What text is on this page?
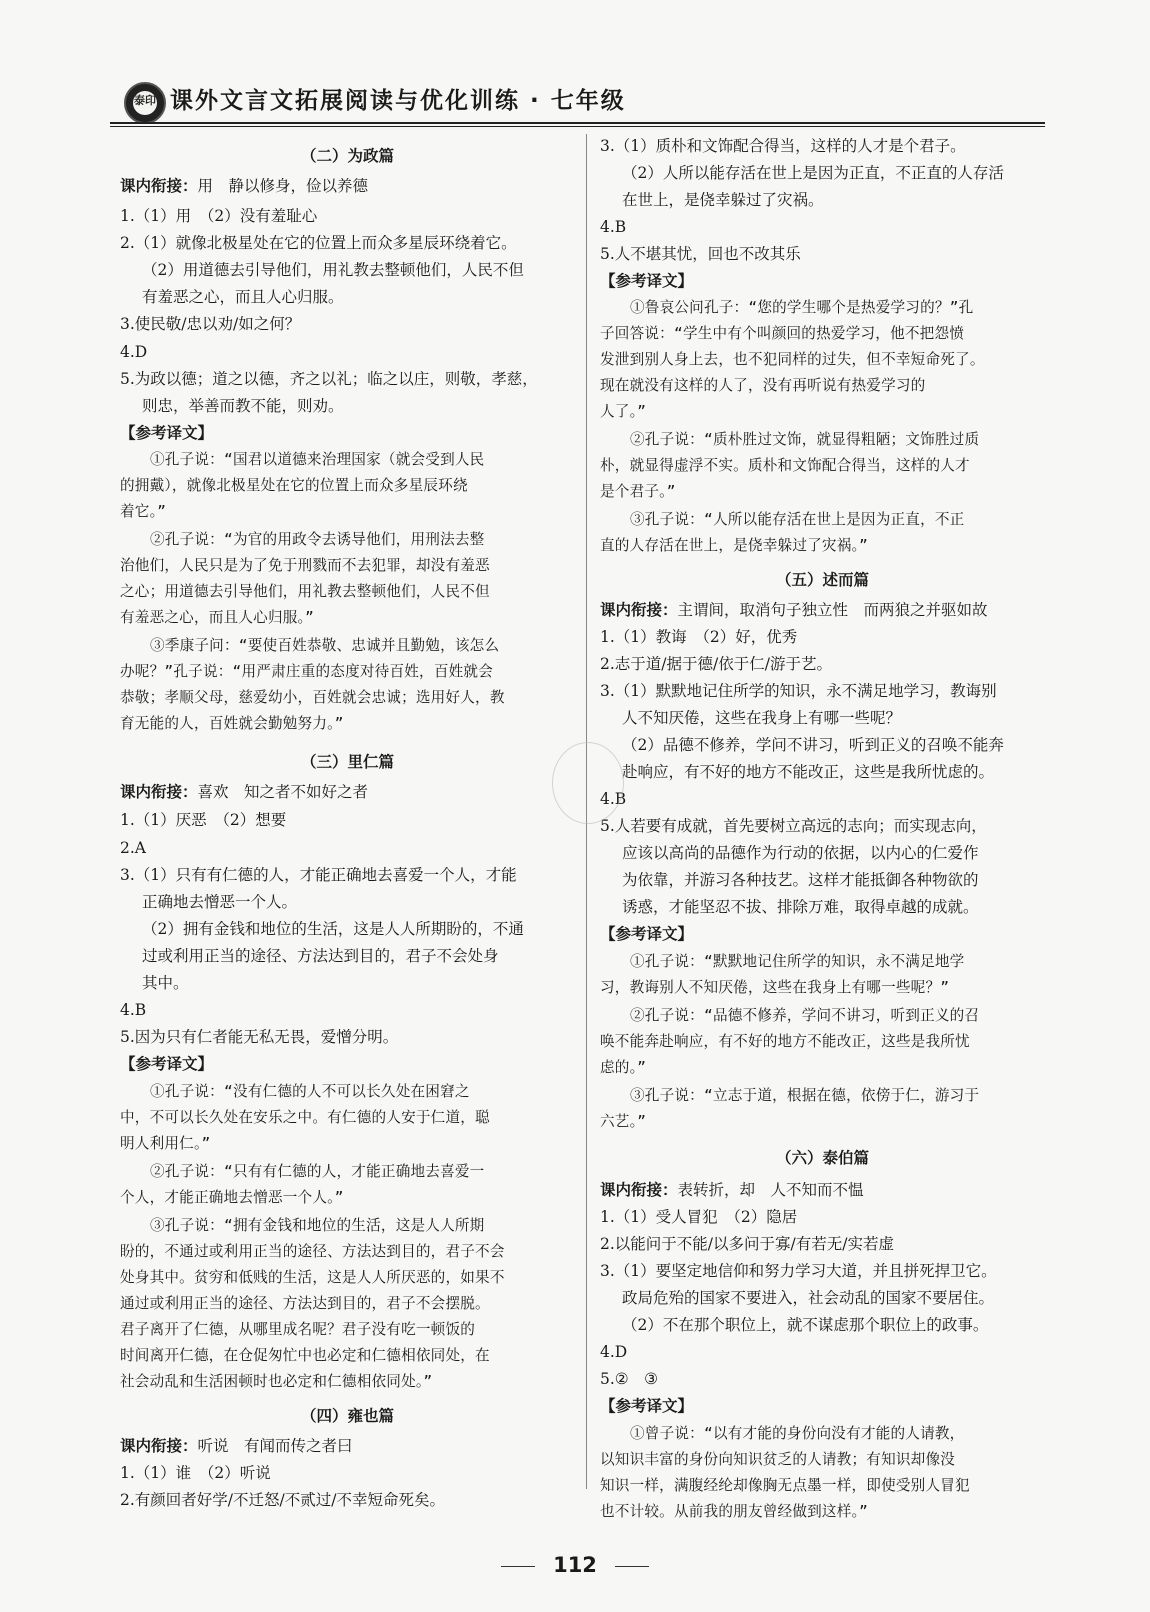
泰印 课外文言文拓展阅读与优化训练 · 七年级
（二）为政篇
课内衔接：用　静以修身，俭以养德
1.（1）用　（2）没有羞耻心
2.（1）就像北极星处在它的位置上而众多星辰环绕着它。
（2）用道德去引导他们，用礼教去整顿他们，人民不但
有羞恶之心，而且人心归服。
3.使民敬/忠以劝/如之何？
4.D
5.为政以德；道之以德，齐之以礼；临之以庄，则敬，孝慈，
则忠，举善而教不能，则劝。
【参考译文】
①孔子说：“国君以道德来治理国家（就会受到人民
的拥戴），就像北极星处在它的位置上而众多星辰环绕
着它。”
②孔子说：“为官的用政令去诱导他们，用刑法去整
治他们，人民只是为了免于刑戮而不去犯罪，却没有羞恶
之心；用道德去引导他们，用礼教去整顿他们，人民不但
有羞恶之心，而且人心归服。”
③季康子问：“要使百姓恭敬、忠诚并且勤勉，该怎么
办呢？”孔子说：“用严肃庄重的态度对待百姓，百姓就会
恭敬；孝顺父母，慈爱幼小，百姓就会忠诚；选用好人，教
育无能的人，百姓就会勤勉努力。”
（三）里仁篇
课内衔接：喜欢　知之者不如好之者
1.（1）厌恶　（2）想要
2.A
3.（1）只有有仁德的人，才能正确地去喜爱一个人，才能
正确地去憎恶一个人。
（2）拥有金钱和地位的生活，这是人人所期盼的，不通
过或利用正当的途径、方法达到目的，君子不会处身
其中。
4.B
5.因为只有仁者能无私无畏，爱憎分明。
【参考译文】
①孔子说：“没有仁德的人不可以长久处在困窘之
中，不可以长久处在安乐之中。有仁德的人安于仁道，聪
明人利用仁。”
②孔子说：“只有有仁德的人，才能正确地去喜爱一
个人，才能正确地去憎恶一个人。”
③孔子说：“拥有金钱和地位的生活，这是人人所期
盼的，不通过或利用正当的途径、方法达到目的，君子不会
处身其中。贫穷和低贱的生活，这是人人所厌恶的，如果不
通过或利用正当的途径、方法达到目的，君子不会摆脱。
君子离开了仁德，从哪里成名呢？君子没有吃一顿饭的
时间离开仁德，在仓促匆忙中也必定和仁德相依同处，在
社会动乱和生活困顿时也必定和仁德相依同处。”
（四）雍也篇
课内衔接：听说　有闻而传之者曰
1.（1）谁　（2）听说
2.有颜回者好学/不迁怒/不贰过/不幸短命死矣。
3.（1）质朴和文饰配合得当，这样的人才是个君子。
（2）人所以能存活在世上是因为正直，不正直的人存活
在世上，是侥幸躲过了灾祸。
4.B
5.人不堪其忧，回也不改其乐
【参考译文】
①鲁哀公问孔子：“您的学生哪个是热爱学习的？”孔
子回答说：“学生中有个叫颜回的热爱学习，他不把怨愤
发泄到别人身上去，也不犯同样的过失，但不幸短命死了。
现在就没有这样的人了，没有再听说有热爱学习的
人了。”
②孔子说：“质朴胜过文饰，就显得粗陋；文饰胜过质
朴，就显得虚浮不实。质朴和文饰配合得当，这样的人才
是个君子。”
③孔子说：“人所以能存活在世上是因为正直，不正
直的人存活在世上，是侥幸躲过了灾祸。”
（五）述而篇
课内衔接：主谓间，取消句子独立性　而两狼之并驱如故
1.（1）教诲　（2）好，优秀
2.志于道/据于德/依于仁/游于艺。
3.（1）默默地记住所学的知识，永不满足地学习，教诲别
人不知厌倦，这些在我身上有哪一些呢？
（2）品德不修养，学问不讲习，听到正义的召唤不能奔
赴响应，有不好的地方不能改正，这些是我所忧虑的。
4.B
5.人若要有成就，首先要树立高远的志向；而实现志向，
应该以高尚的品德作为行动的依据，以内心的仁爱作
为依靠，并游习各种技艺。这样才能抵御各种物欲的
诱惑，才能坚忍不拔、排除万难，取得卓越的成就。
【参考译文】
①孔子说：“默默地记住所学的知识，永不满足地学
习，教诲别人不知厌倦，这些在我身上有哪一些呢？”
②孔子说：“品德不修养，学问不讲习，听到正义的召
唤不能奔赴响应，有不好的地方不能改正，这些是我所忧
虑的。”
③孔子说：“立志于道，根据在德，依傍于仁，游习于
六艺。”
（六）泰伯篇
课内衔接：表转折，却　人不知而不愠
1.（1）受人冒犯　（2）隐居
2.以能问于不能/以多问于寡/有若无/实若虚
3.（1）要坚定地信仰和努力学习大道，并且拼死捍卫它。
政局危殆的国家不要进入，社会动乱的国家不要居住。
（2）不在那个职位上，就不谋虑那个职位上的政事。
4.D
5.②　③
【参考译文】
①曾子说：“以有才能的身份向没有才能的人请教，
以知识丰富的身份向知识贫乏的人请教；有知识却像没
知识一样，满腹经纶却像胸无点墨一样，即使受别人冒犯
也不计较。从前我的朋友曾经做到这样。”
112
